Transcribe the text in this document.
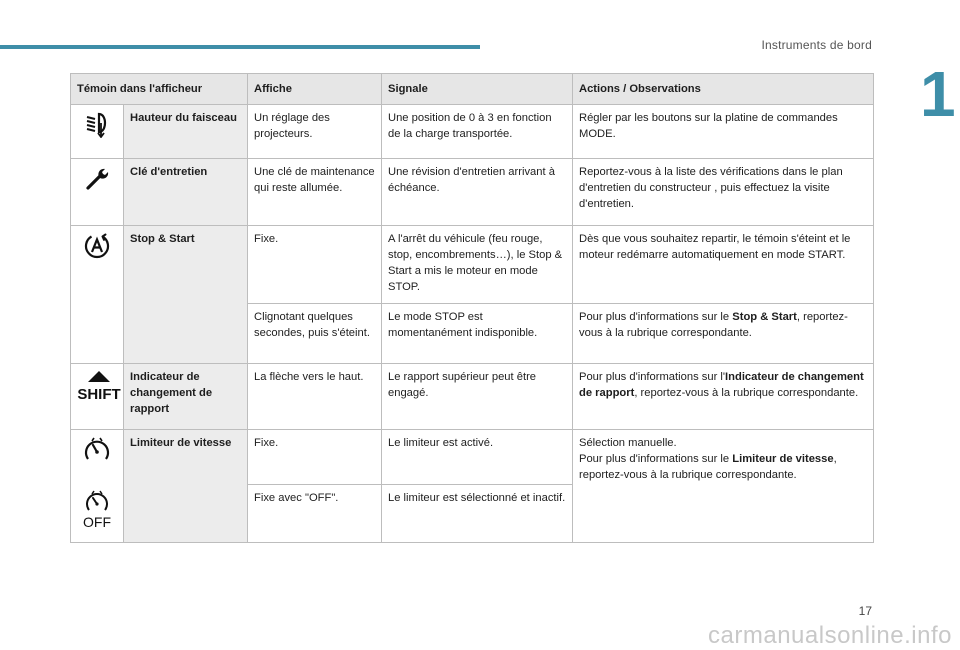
Instruments de bord
1
Témoin dans l'afficheur		Affiche	Signale	Actions / Observations

	Hauteur du faisceau	Un réglage des projecteurs.	Une position de 0 à 3 en fonction de la charge transportée.	Régler par les boutons sur la platine de commandes MODE.

	Clé d'entretien	Une clé de maintenance qui reste allumée.	Une révision d'entretien arrivant à échéance.	Reportez-vous à la liste des vérifications dans le plan d'entretien du constructeur , puis effectuez la visite d'entretien.

	Stop & Start	Fixe.	A l'arrêt du véhicule (feu rouge, stop, encombrements…), le Stop & Start a mis le moteur en mode STOP.	Dès que vous souhaitez repartir, le témoin s'éteint et le moteur redémarre automatiquement en mode START.
		Clignotant quelques secondes, puis s'éteint.	Le mode STOP est momentanément indisponible.	Pour plus d'informations sur le Stop & Start, reportez-vous à la rubrique correspondante.

SHIFT	Indicateur de changement de rapport	La flèche vers le haut.	Le rapport supérieur peut être engagé.	Pour plus d'informations sur l'Indicateur de changement de rapport, reportez-vous à la rubrique correspondante.

	Limiteur de vitesse	Fixe.	Le limiteur est activé.	Sélection manuelle.
Pour plus d'informations sur le Limiteur de vitesse, reportez-vous à la rubrique correspondante.

OFF		Fixe avec "OFF".	Le limiteur est sélectionné et inactif.	
17
carmanualsonline.info
